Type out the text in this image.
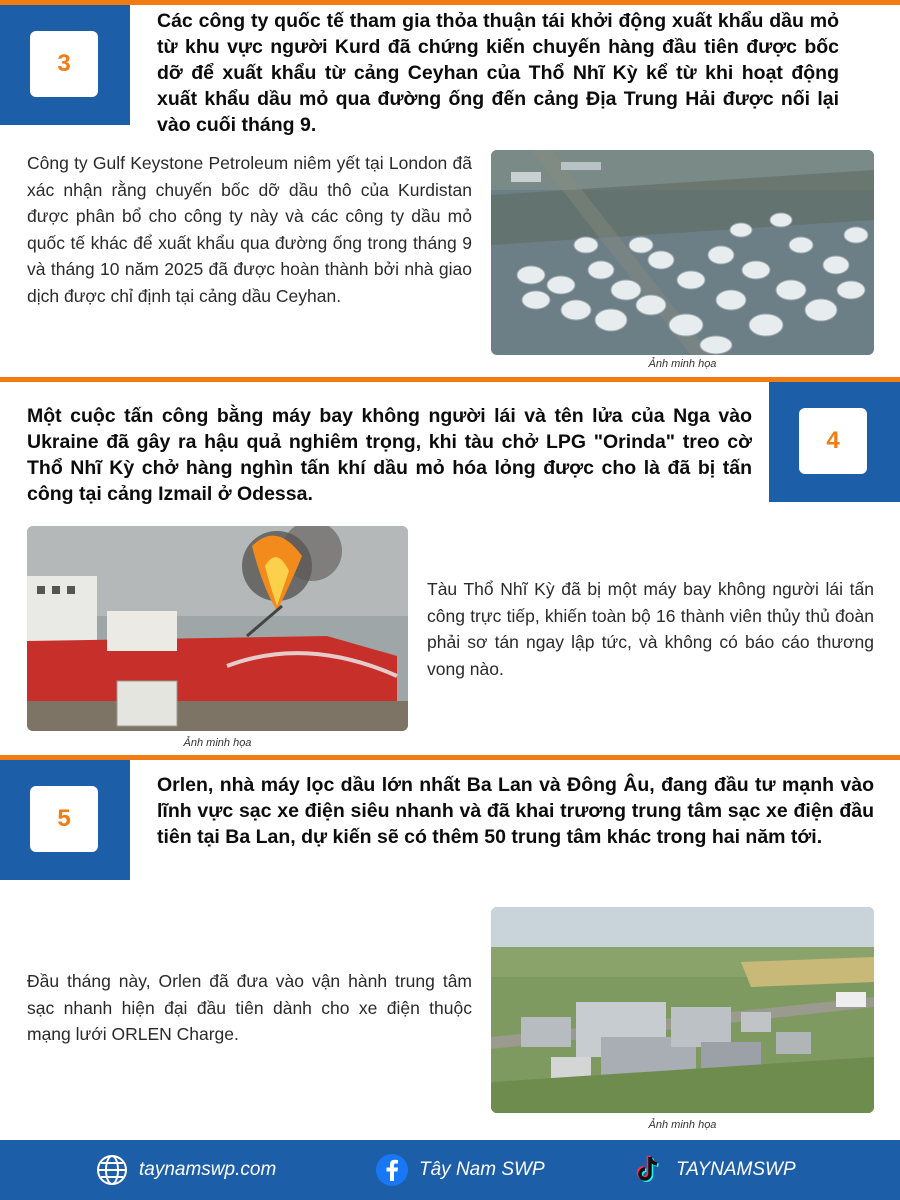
3
Các công ty quốc tế tham gia thỏa thuận tái khởi động xuất khẩu dầu mỏ từ khu vực người Kurd đã chứng kiến chuyến hàng đầu tiên được bốc dỡ để xuất khẩu từ cảng Ceyhan của Thổ Nhĩ Kỳ kể từ khi hoạt động xuất khẩu dầu mỏ qua đường ống đến cảng Địa Trung Hải được nối lại vào cuối tháng 9.
Công ty Gulf Keystone Petroleum niêm yết tại London đã xác nhận rằng chuyến bốc dỡ dầu thô của Kurdistan được phân bổ cho công ty này và các công ty dầu mỏ quốc tế khác để xuất khẩu qua đường ống trong tháng 9 và tháng 10 năm 2025 đã được hoàn thành bởi nhà giao dịch được chỉ định tại cảng dầu Ceyhan.
Ảnh minh họa
4
Một cuộc tấn công bằng máy bay không người lái và tên lửa của Nga vào Ukraine đã gây ra hậu quả nghiêm trọng, khi tàu chở LPG "Orinda" treo cờ Thổ Nhĩ Kỳ chở hàng nghìn tấn khí dầu mỏ hóa lỏng được cho là đã bị tấn công tại cảng Izmail ở Odessa.
Ảnh minh họa
Tàu Thổ Nhĩ Kỳ đã bị một máy bay không người lái tấn công trực tiếp, khiến toàn bộ 16 thành viên thủy thủ đoàn phải sơ tán ngay lập tức, và không có báo cáo thương vong nào.
5
Orlen, nhà máy lọc dầu lớn nhất Ba Lan và Đông Âu, đang đầu tư mạnh vào lĩnh vực sạc xe điện siêu nhanh và đã khai trương trung tâm sạc xe điện đầu tiên tại Ba Lan, dự kiến sẽ có thêm 50 trung tâm khác trong hai năm tới.
Đầu tháng này, Orlen đã đưa vào vận hành trung tâm sạc nhanh hiện đại đầu tiên dành cho xe điện thuộc mạng lưới ORLEN Charge.
Ảnh minh họa
taynamswp.com	Tây Nam SWP	TAYNAMSWP
